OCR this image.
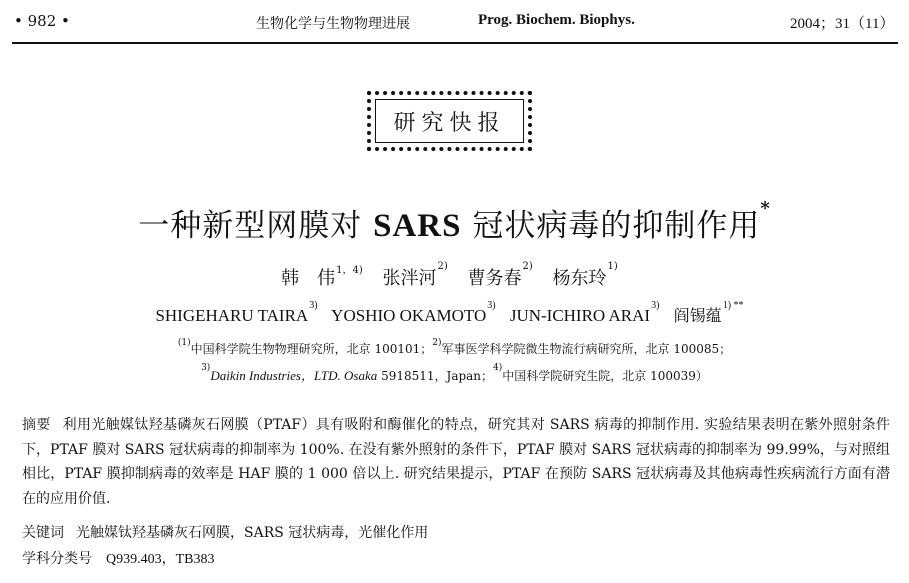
• 982 •	生物化学与生物物理进展	Prog. Biochem. Biophys.	2004；31（11）
研究快报
一种新型网膜对 SARS 冠状病毒的抑制作用*
韩　伟$^{1,4)}$ 张泮河$^{2)}$ 曹务春$^{2)}$ 杨东玲$^{1)}$
SHIGEHARU TAIRA$^{3)}$ YOSHIO OKAMOTO$^{3)}$ JUN-ICHIRO ARAI$^{3)}$ 阎锡蕴$^{1) **}$
$^{(1)}$中国科学院生物物理研究所，北京 100101；$^{2)}$军事医学科学院微生物流行病研究所，北京 100085；
$^{3)}$Daikin Industries，LTD. Osaka 5918511，Japan；$^{4)}$中国科学院研究生院，北京 100039）
摘要 利用光触媒钛羟基磷灰石网膜（PTAF）具有吸附和酶催化的特点，研究其对 SARS 病毒的抑制作用. 实验结果表明在紫外照射条件下，PTAF 膜对 SARS 冠状病毒的抑制率为 100%. 在没有紫外照射的条件下，PTAF 膜对 SARS 冠状病毒的抑制率为 99.99%，与对照组相比，PTAF 膜抑制病毒的效率是 HAF 膜的 1 000 倍以上. 研究结果提示，PTAF 在预防 SARS 冠状病毒及其他病毒性疾病流行方面有潜在的应用价值.
关键词 光触媒钛羟基磷灰石网膜，SARS 冠状病毒，光催化作用
学科分类号 Q939.403，TB383
